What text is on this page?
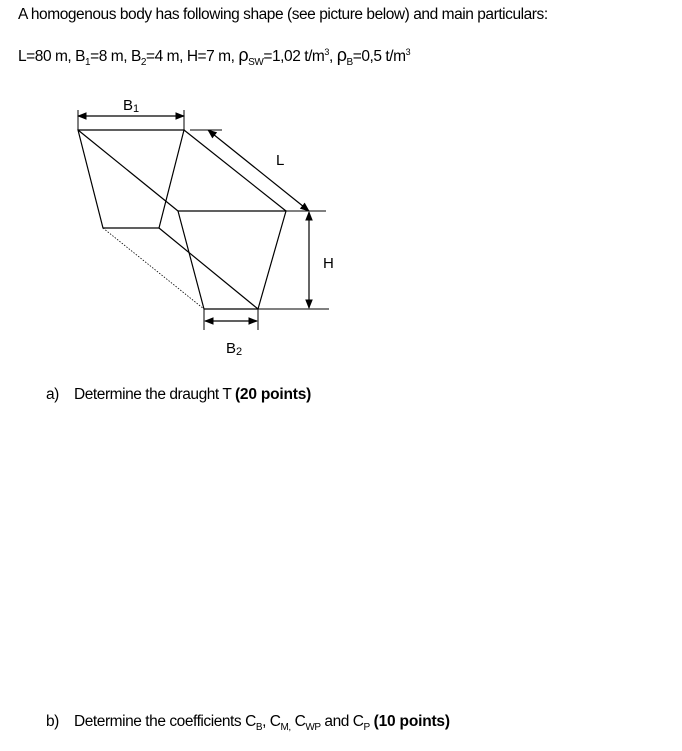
A homogenous body has following shape (see picture below) and main particulars:
L=80 m, $B_1=8$ m, $B_2=4$ m, H=7 m, $\rho_{SW}=1,02$ $t/m^3$, $\rho_B=0,5$ $t/m^3$
B1
L
H
B2
a) Determine the draught T (20 points)
b) Determine the coefficients $C_B$, $C_{M,}$ $C_{WP}$ and $C_P$ (10 points)
